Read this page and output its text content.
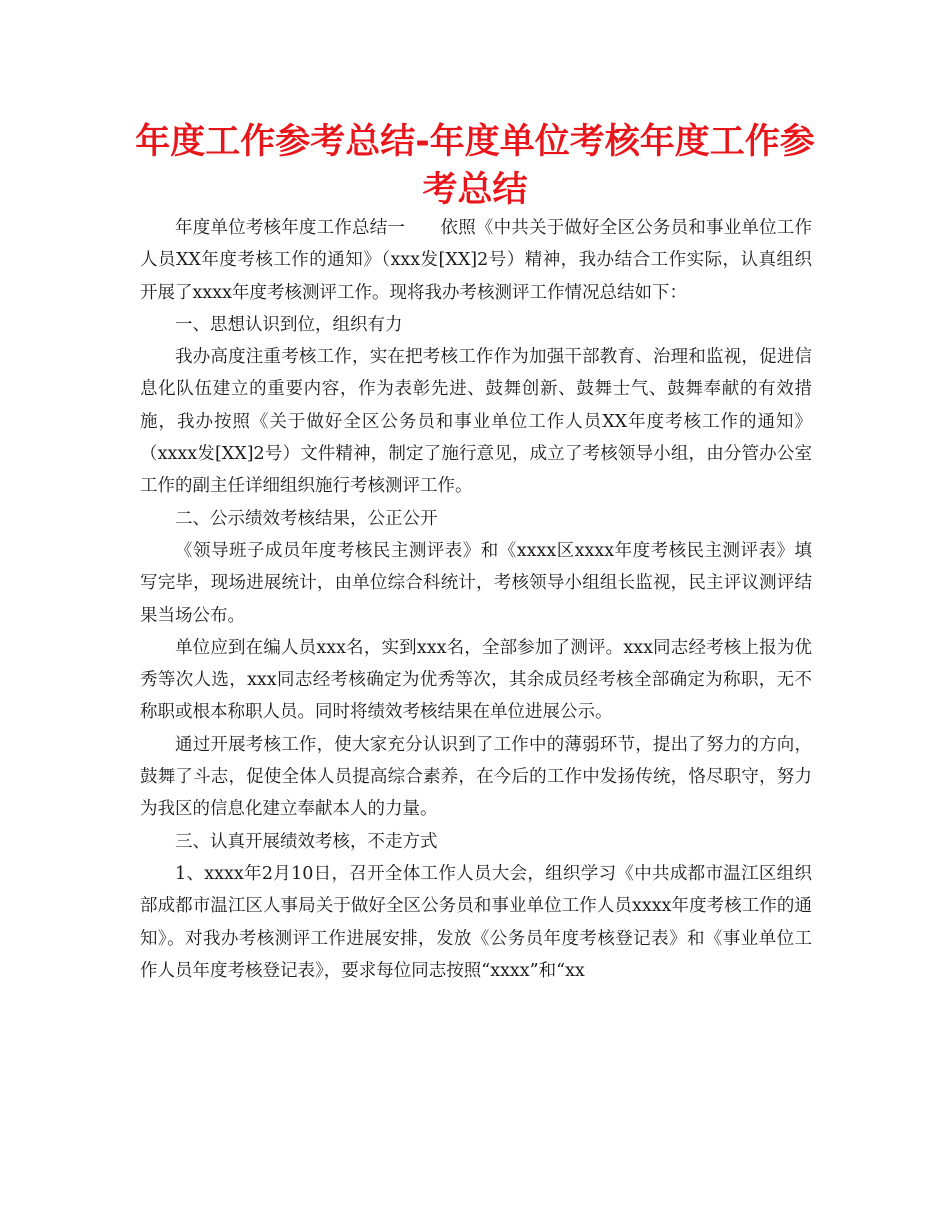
年度工作参考总结-年度单位考核年度工作参考总结

年度单位考核年度工作总结一　　依照《中共关于做好全区公务员和事业单位工作人员XX年度考核工作的通知》（xxx发[XX]2号）精神，我办结合工作实际，认真组织开展了xxxx年度考核测评工作。现将我办考核测评工作情况总结如下：

一、思想认识到位，组织有力

我办高度注重考核工作，实在把考核工作作为加强干部教育、治理和监视，促进信息化队伍建立的重要内容，作为表彰先进、鼓舞创新、鼓舞士气、鼓舞奉献的有效措施，我办按照《关于做好全区公务员和事业单位工作人员XX年度考核工作的通知》（xxxx发[XX]2号）文件精神，制定了施行意见，成立了考核领导小组，由分管办公室工作的副主任详细组织施行考核测评工作。

二、公示绩效考核结果，公正公开

《领导班子成员年度考核民主测评表》和《xxxx区xxxx年度考核民主测评表》填写完毕，现场进展统计，由单位综合科统计，考核领导小组组长监视，民主评议测评结果当场公布。

单位应到在编人员xxx名，实到xxx名，全部参加了测评。xxx同志经考核上报为优秀等次人选，xxx同志经考核确定为优秀等次，其余成员经考核全部确定为称职，无不称职或根本称职人员。同时将绩效考核结果在单位进展公示。

通过开展考核工作，使大家充分认识到了工作中的薄弱环节，提出了努力的方向，鼓舞了斗志，促使全体人员提高综合素养，在今后的工作中发扬传统，恪尽职守，努力为我区的信息化建立奉献本人的力量。

三、认真开展绩效考核，不走方式

1、xxxx年2月10日，召开全体工作人员大会，组织学习《中共成都市温江区组织部成都市温江区人事局关于做好全区公务员和事业单位工作人员xxxx年度考核工作的通知》。对我办考核测评工作进展安排，发放《公务员年度考核登记表》和《事业单位工作人员年度考核登记表》，要求每位同志按照“xxxx”和“xx
